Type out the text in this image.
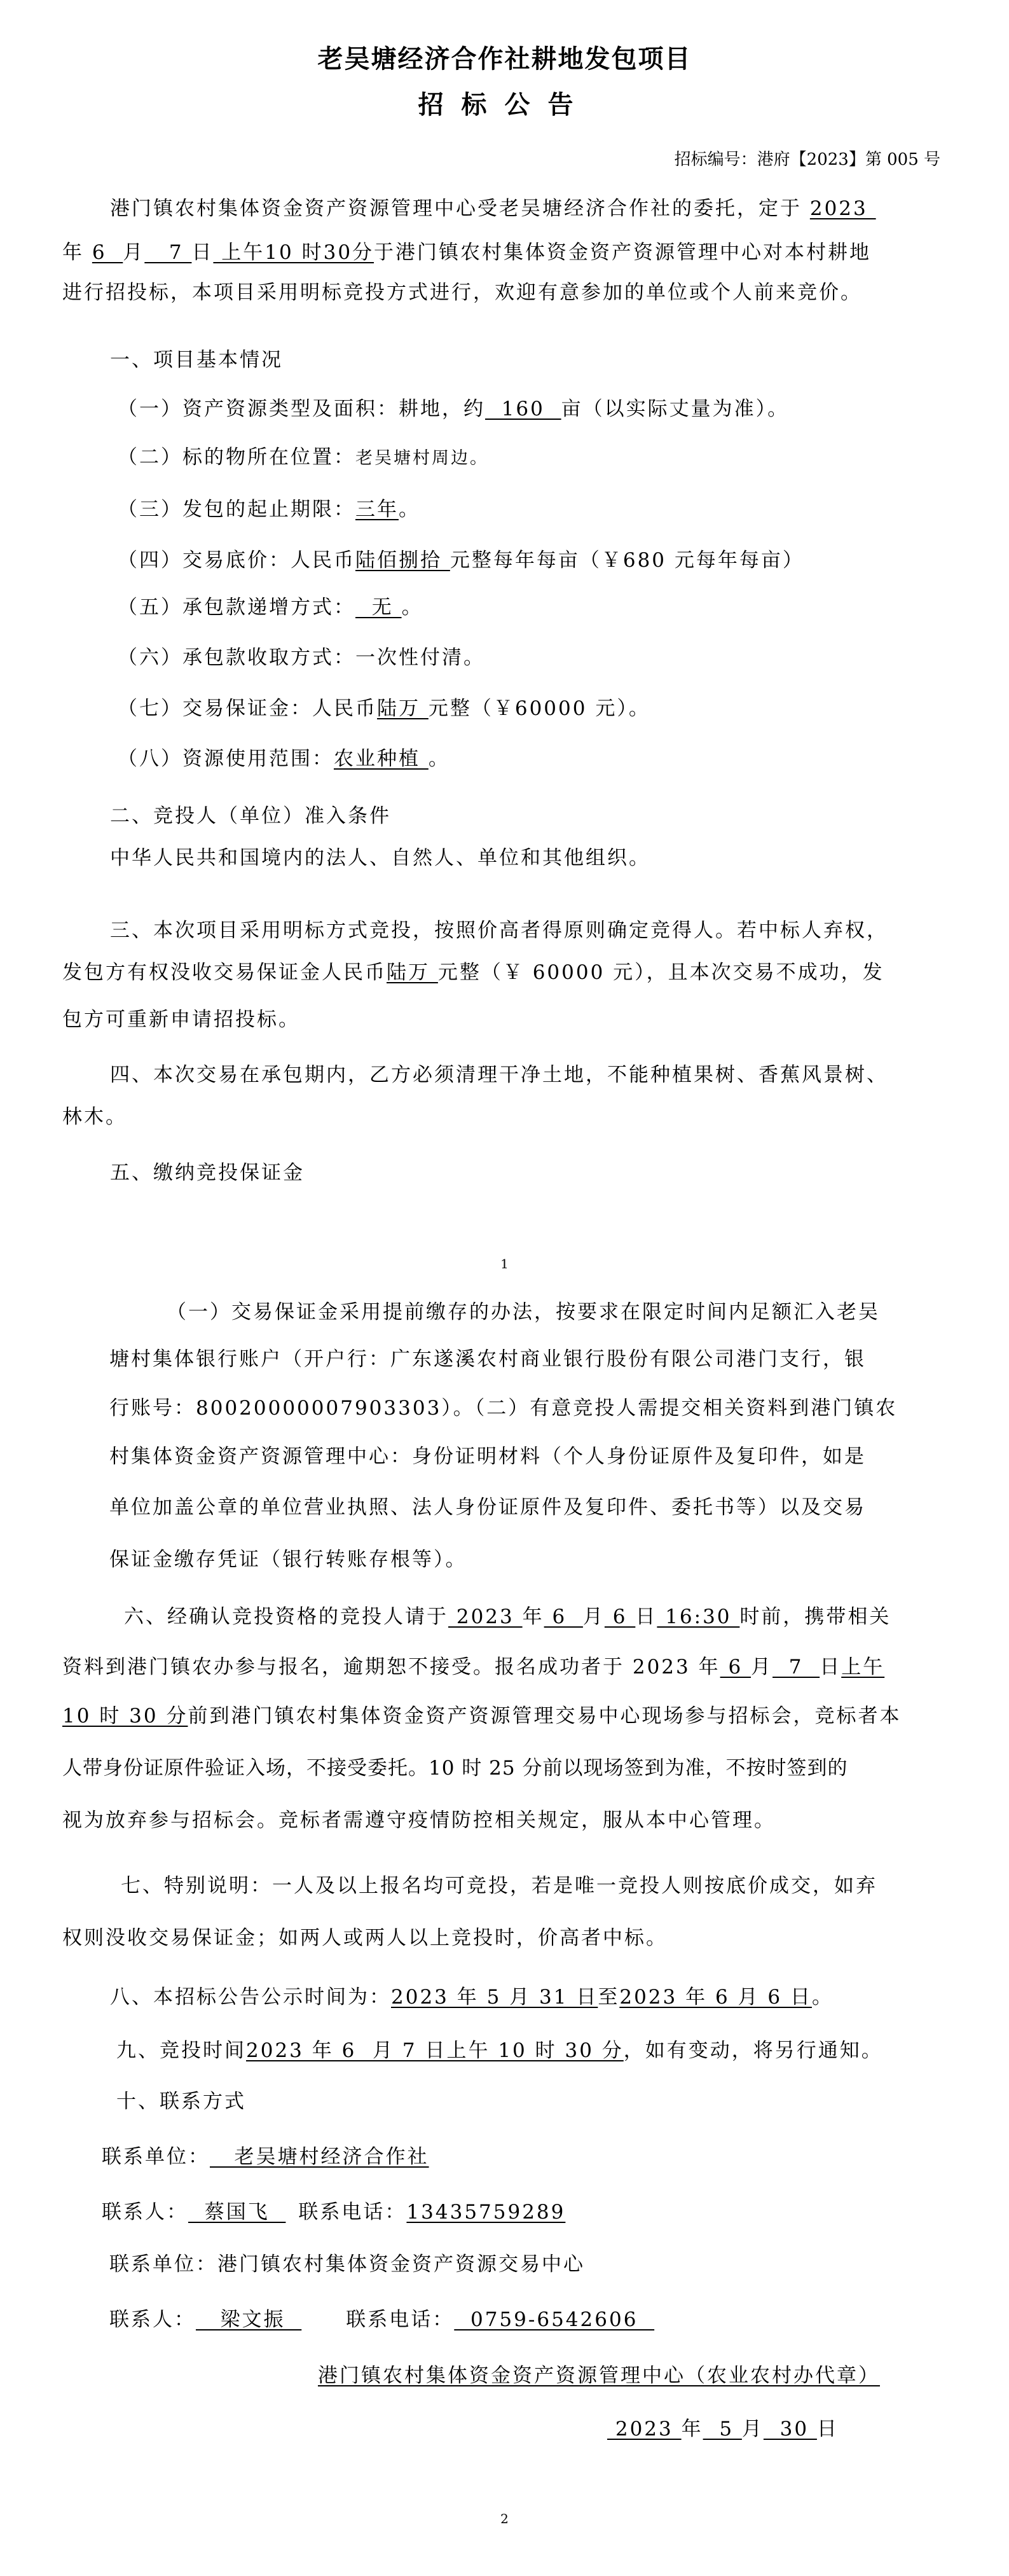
老吴塘经济合作社耕地发包项目
招标公告
招标编号：港府【2023】第 005 号
港门镇农村集体资金资产资源管理中心受老吴塘经济合作社的委托，定于 2023
年 6  月   7 日 上午10 时30分于港门镇农村集体资金资产资源管理中心对本村耕地
进行招投标，本项目采用明标竞投方式进行，欢迎有意参加的单位或个人前来竞价。
一、项目基本情况
（一）资产资源类型及面积：耕地，约  160  亩（以实际丈量为准）。
（二）标的物所在位置：老吴塘村周边。
（三）发包的起止期限：三年。
（四）交易底价：人民币陆佰捌拾 元整每年每亩（￥680 元每年每亩）
（五）承包款递增方式：  无 。
（六）承包款收取方式：一次性付清。
（七）交易保证金：人民币陆万 元整（￥60000 元）。
（八）资源使用范围：农业种植 。
二、竞投人（单位）准入条件
中华人民共和国境内的法人、自然人、单位和其他组织。
三、本次项目采用明标方式竞投，按照价高者得原则确定竞得人。若中标人弃权，
发包方有权没收交易保证金人民币陆万 元整（￥ 60000 元），且本次交易不成功，发
包方可重新申请招投标。
四、本次交易在承包期内，乙方必须清理干净土地，不能种植果树、香蕉风景树、
林木。
五、缴纳竞投保证金
1
（一）交易保证金采用提前缴存的办法，按要求在限定时间内足额汇入老吴
塘村集体银行账户（开户行：广东遂溪农村商业银行股份有限公司港门支行，银
行账号：80020000007903303）。（二）有意竞投人需提交相关资料到港门镇农
村集体资金资产资源管理中心：身份证明材料（个人身份证原件及复印件，如是
单位加盖公章的单位营业执照、法人身份证原件及复印件、委托书等）以及交易
保证金缴存凭证（银行转账存根等）。
六、经确认竞投资格的竞投人请于 2023 年 6  月 6 日 16:30 时前，携带相关
资料到港门镇农办参与报名，逾期恕不接受。报名成功者于 2023 年 6 月  7  日上午
10 时 30 分前到港门镇农村集体资金资产资源管理交易中心现场参与招标会，竞标者本
人带身份证原件验证入场，不接受委托。10 时 25 分前以现场签到为准，不按时签到的
视为放弃参与招标会。竞标者需遵守疫情防控相关规定，服从本中心管理。
七、特别说明：一人及以上报名均可竞投，若是唯一竞投人则按底价成交，如弃
权则没收交易保证金；如两人或两人以上竞投时，价高者中标。
八、本招标公告公示时间为：2023 年 5 月 31 日至2023 年 6 月 6 日。
九、竞投时间2023 年 6  月 7 日上午 10 时 30 分，如有变动，将另行通知。
十、联系方式
联系单位：   老吴塘村经济合作社
联系人：  蔡国飞  联系电话：13435759289
联系单位：港门镇农村集体资金资产资源交易中心
联系人：   梁文振  联系电话：  0759-6542606
港门镇农村集体资金资产资源管理中心（农业农村办代章）
2023 年  5 月  30 日
2
